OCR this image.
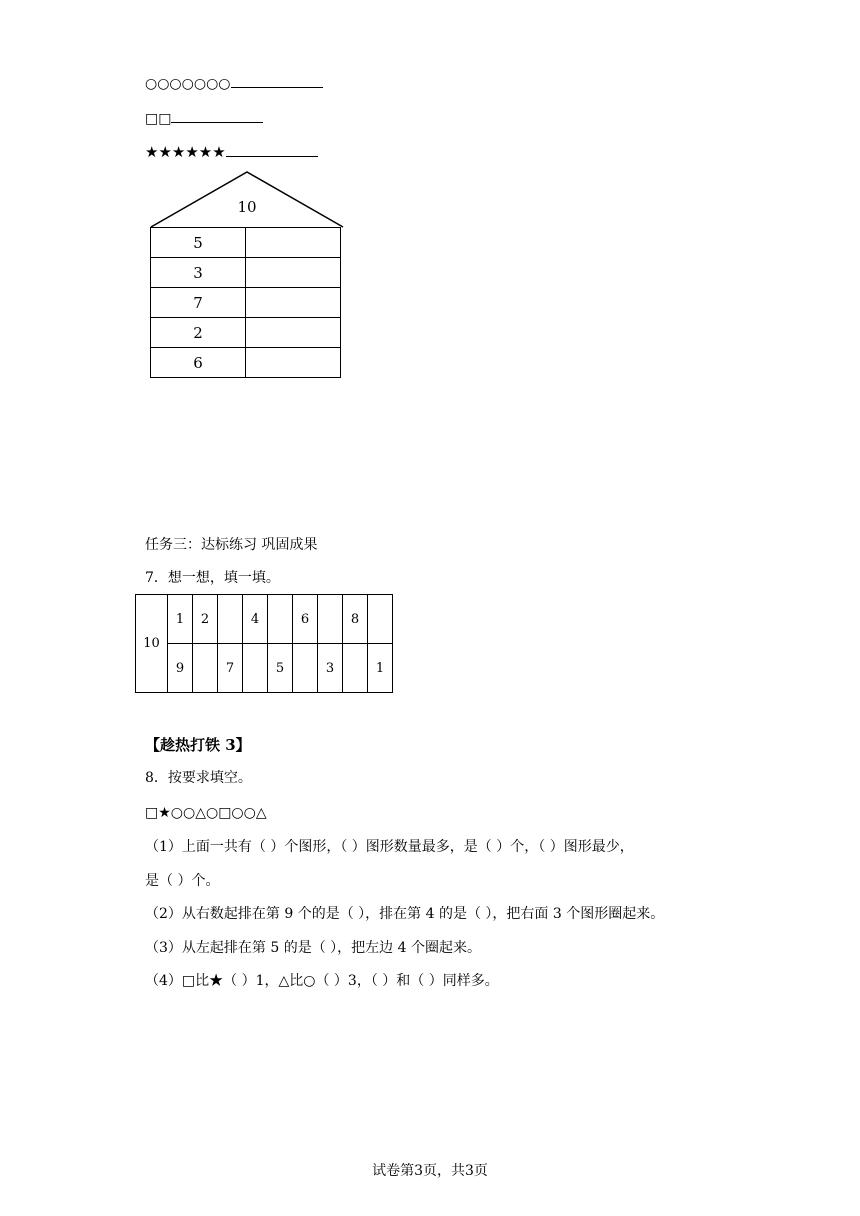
○○○○○○○
□□
★★★★★★
10
5	
3	
7	
2	
6	
任务三：达标练习 巩固成果
7．想一想，填一填。
10	1	2		4		6		8	
	9		7		5		3		1
【趁热打铁 3】
8．按要求填空。
□★○○△○□○○△
（1）上面一共有（ ）个图形，（ ）图形数量最多，是（ ）个，（ ）图形最少，
是（ ）个。
（2）从右数起排在第 9 个的是（ ），排在第 4 的是（ ），把右面 3 个图形圈起来。
（3）从左起排在第 5 的是（ ），把左边 4 个圈起来。
（4）□比★（ ）1，△比○（ ）3，（ ）和（ ）同样多。
试卷第3页，共3页
